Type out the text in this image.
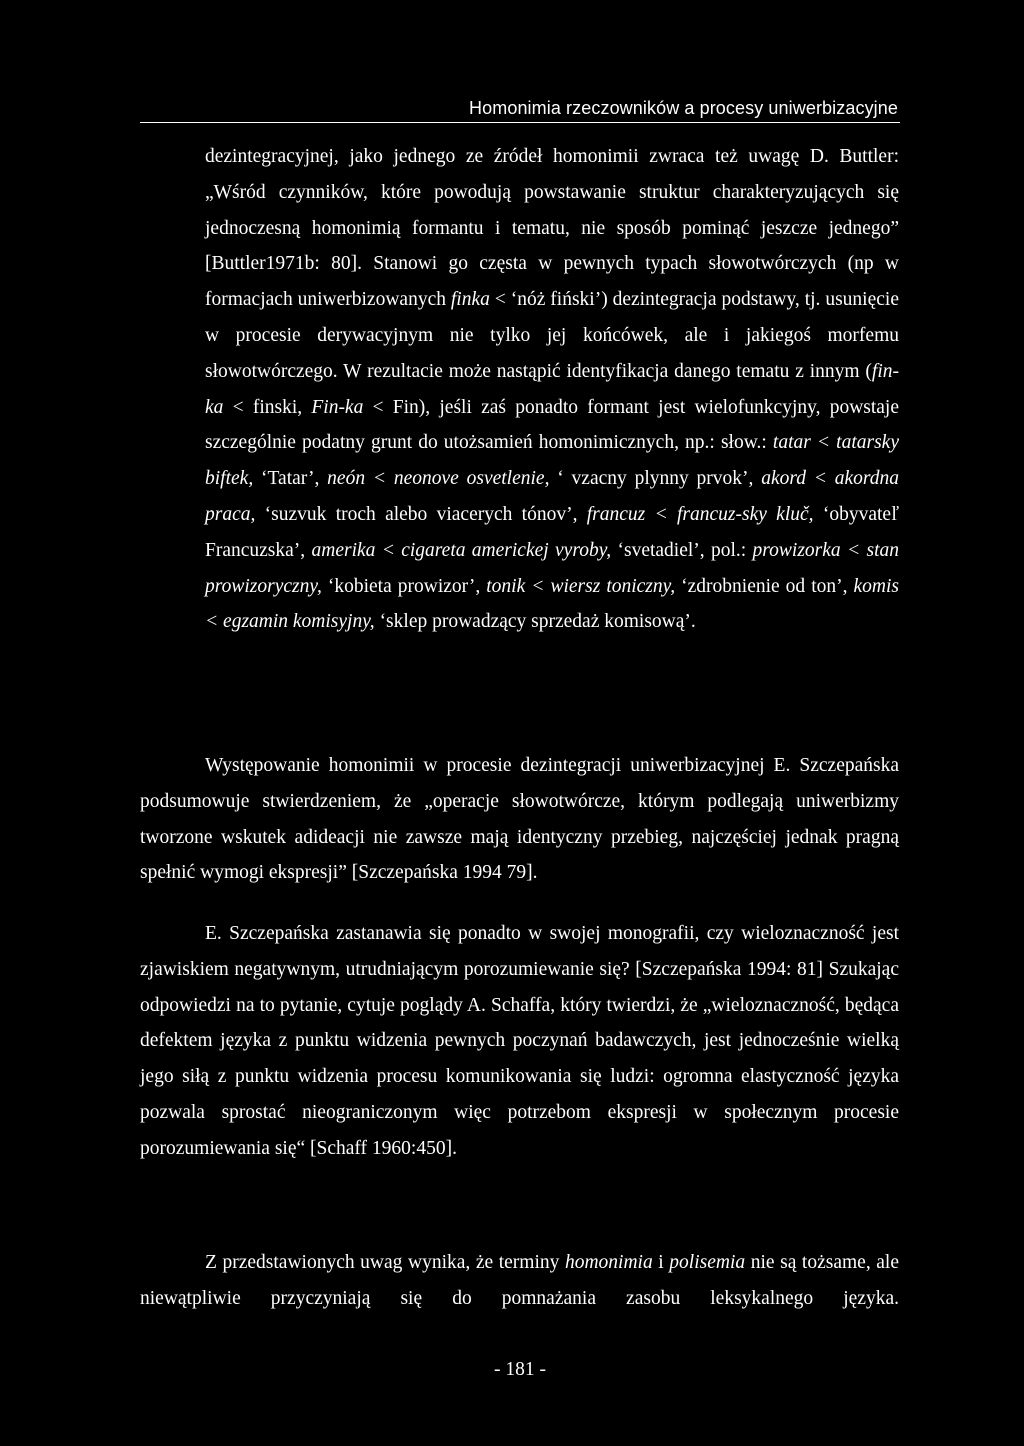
Homonimia rzeczowników a procesy uniwerbizacyjne

dezintegracyjnej, jako jednego ze źródeł homonimii zwraca też uwagę D. Buttler: „Wśród czynników, które powodują powstawanie struktur charakteryzujących się jednoczesną homonimią formantu i tematu, nie sposób pominąć jeszcze jednego” [Buttler1971b: 80]. Stanowi go częsta w pewnych typach słowotwórczych (np w formacjach uniwerbizowanych finka < ‘nóż fiński’) dezintegracja podstawy, tj. usunięcie w procesie derywacyjnym nie tylko jej końcówek, ale i jakiegoś morfemu słowotwórczego. W rezultacie może nastąpić identyfikacja danego tematu z innym (fin-ka < finski, Fin-ka < Fin), jeśli zaś ponadto formant jest wielofunkcyjny, powstaje szczególnie podatny grunt do utożsamień homonimicznych, np.: słow.: tatar < tatarsky biftek, ‘Tatar’, neón < neonove osvetlenie, ‘ vzacny plynny prvok’, akord < akordna praca, ‘suzvuk troch alebo viacerych tónov’, francuz < francuz-sky kluč, ‘obyvateľ Francuzska’, amerika < cigareta americkej vyroby, ‘svetadiel’, pol.: prowizorka < stan prowizoryczny, ‘kobieta prowizor’, tonik < wiersz toniczny, ‘zdrobnienie od ton’, komis < egzamin komisyjny, ‘sklep prowadzący sprzedaż komisową’.

Występowanie homonimii w procesie dezintegracji uniwerbizacyjnej E. Szczepańska podsumowuje stwierdzeniem, że „operacje słowotwórcze, którym podlegają uniwerbizmy tworzone wskutek adideacji nie zawsze mają identyczny przebieg, najczęściej jednak pragną spełnić wymogi ekspresji” [Szczepańska 1994 79].

E. Szczepańska zastanawia się ponadto w swojej monografii, czy wieloznaczność jest zjawiskiem negatywnym, utrudniającym porozumiewanie się? [Szczepańska 1994: 81] Szukając odpowiedzi na to pytanie, cytuje poglądy A. Schaffa, który twierdzi, że „wieloznaczność, będąca defektem języka z punktu widzenia pewnych poczynań badawczych, jest jednocześnie wielką jego siłą z punktu widzenia procesu komunikowania się ludzi: ogromna elastyczność języka pozwala sprostać nieograniczonym więc potrzebom ekspresji w społecznym procesie porozumiewania się“ [Schaff 1960:450].

Z przedstawionych uwag wynika, że terminy homonimia i polisemia nie są tożsame, ale niewątpliwie przyczyniają się do pomnażania zasobu leksykalnego języka.

- 181 -
